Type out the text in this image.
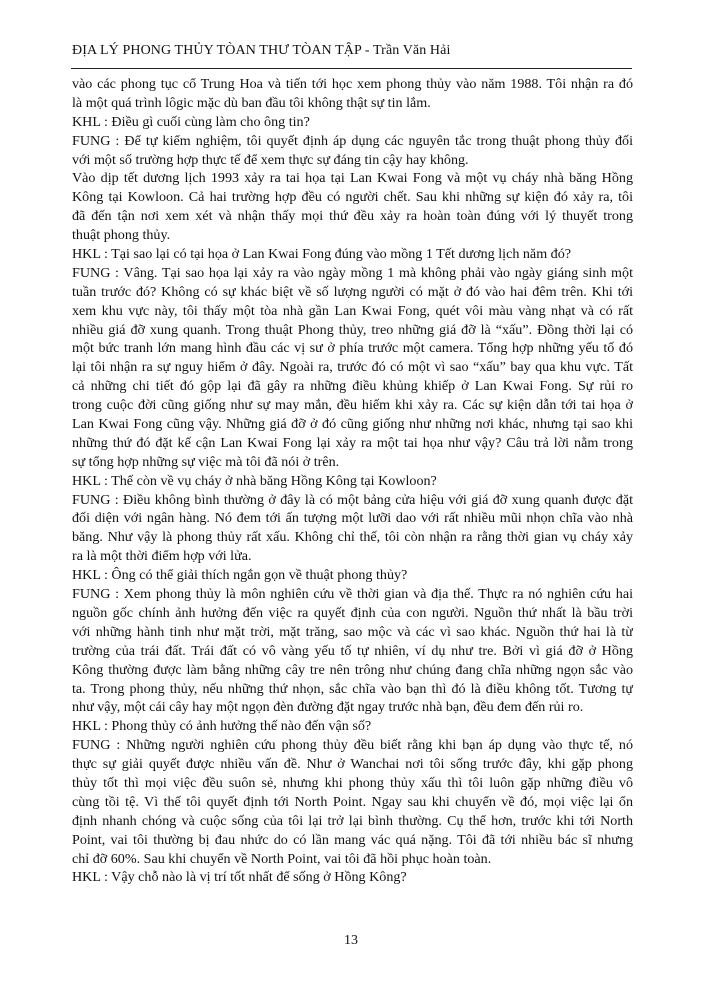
ĐỊA LÝ PHONG THỦY TÒAN THƯ TÒAN TẬP - Trần Văn Hải
vào các phong tục cổ Trung Hoa và tiến tới học xem phong thủy vào năm 1988. Tôi nhận ra đó
là một quá trình lôgic mặc dù ban đầu tôi không thật sự tin lắm.
KHL : Điều gì cuối cùng làm cho ông tin?
FUNG : Để tự kiểm nghiệm, tôi quyết định áp dụng các nguyên tắc trong thuật phong thủy đối
với một số trường hợp thực tế để xem thực sự đáng tin cậy hay không.
Vào dịp tết dương lịch 1993 xảy ra tai họa tại Lan Kwai Fong và một vụ cháy nhà băng Hồng
Kông tại Kowloon. Cả hai trường hợp đều có người chết. Sau khi những sự kiện đó xảy ra, tôi
đã đến tận nơi xem xét và nhận thấy mọi thứ đều xảy ra hoàn toàn đúng với lý thuyết trong
thuật phong thủy.
HKL : Tại sao lại có tại họa ở Lan Kwai Fong đúng vào mồng 1 Tết dương lịch năm đó?
FUNG : Vâng. Tại sao họa lại xảy ra vào ngày mồng 1 mà không phải vào ngày giáng sinh một
tuần trước đó? Không có sự khác biệt về số lượng người có mặt ở đó vào hai đêm trên. Khi tới
xem khu vực này, tôi thấy một tòa nhà gần Lan Kwai Fong, quét vôi màu vàng nhạt và có rất
nhiều giá đỡ xung quanh. Trong thuật Phong thủy, treo những giá đỡ là “xấu”. Đồng thời lại có
một bức tranh lớn mang hình đầu các vị sư ở phía trước một camera. Tổng hợp những yếu tố đó
lại tôi nhận ra sự nguy hiểm ở đây. Ngoài ra, trước đó có một vì sao “xấu” bay qua khu vực. Tất
cả những chi tiết đó gộp lại đã gây ra những điều khủng khiếp ở Lan Kwai Fong. Sự rủi ro
trong cuộc đời cũng giống như sự may mắn, đều hiếm khi xảy ra. Các sự kiện dẫn tới tai họa ở
Lan Kwai Fong cũng vậy. Những giá đỡ ở đó cũng giống như những nơi khác, nhưng tại sao khi
những thứ đó đặt kế cận Lan Kwai Fong lại xảy ra một tai họa như vậy? Câu trả lời nằm trong
sự tổng hợp những sự việc mà tôi đã nói ở trên.
HKL : Thế còn về vụ cháy ở nhà băng Hồng Kông tại Kowloon?
FUNG : Điều không bình thường ở đây là có một bảng cửa hiệu với giá đỡ xung quanh được đặt
đối diện với ngân hàng. Nó đem tới ấn tượng một lưỡi dao với rất nhiều mũi nhọn chĩa vào nhà
băng. Như vậy là phong thủy rất xấu. Không chỉ thế, tôi còn nhận ra rằng thời gian vụ cháy xảy
ra là một thời điểm hợp với lửa.
HKL : Ông có thể giải thích ngắn gọn về thuật phong thủy?
FUNG : Xem phong thủy là môn nghiên cứu về thời gian và địa thế. Thực ra nó nghiên cứu hai
nguồn gốc chính ảnh hưởng đến việc ra quyết định của con người. Nguồn thứ nhất là bầu trời
với những hành tinh như mặt trời, mặt trăng, sao mộc và các vì sao khác. Nguồn thứ hai là từ
trường của trái đất. Trái đất có vô vàng yếu tố tự nhiên, ví dụ như tre. Bởi vì giá đỡ ở Hồng
Kông thường được làm bằng những cây tre nên trông như chúng đang chĩa những ngọn sắc vào
ta. Trong phong thủy, nếu những thứ nhọn, sắc chĩa vào bạn thì đó là điều không tốt. Tương tự
như vậy, một cái cây hay một ngọn đèn đường đặt ngay trước nhà bạn, đều đem đến rủi ro.
HKL : Phong thủy có ảnh hưởng thế nào đến vận số?
FUNG : Những người nghiên cứu phong thủy đều biết rằng khi bạn áp dụng vào thực tế, nó
thực sự giải quyết được nhiều vấn đề. Như ở Wanchai nơi tôi sống trước đây, khi gặp phong
thủy tốt thì mọi việc đều suôn sẻ, nhưng khi phong thủy xấu thì tôi luôn gặp những điều vô
cùng tồi tệ. Vì thế tôi quyết định tới North Point. Ngay sau khi chuyển về đó, mọi việc lại ổn
định nhanh chóng và cuộc sống của tôi lại trở lại bình thường. Cụ thể hơn, trước khi tới North
Point, vai tôi thường bị đau nhức do có lần mang vác quá nặng. Tôi đã tới nhiều bác sĩ nhưng
chỉ đỡ 60%. Sau khi chuyển về North Point, vai tôi đã hồi phục hoàn toàn.
HKL : Vậy chỗ nào là vị trí tốt nhất để sống ở Hồng Kông?
13
